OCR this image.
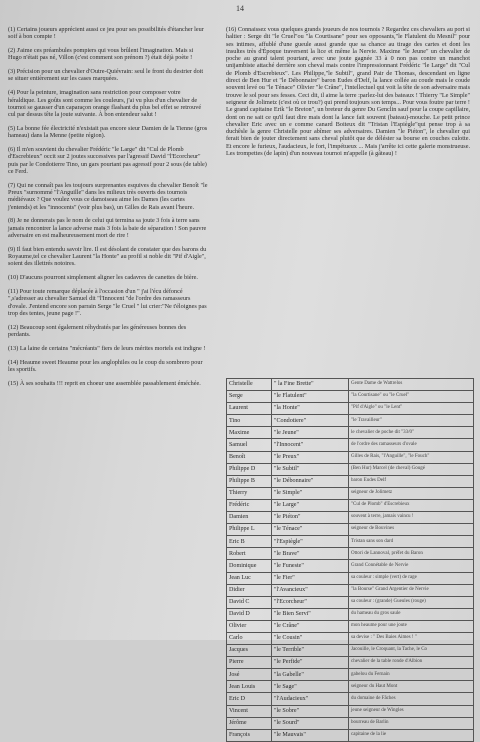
14

(1) Certains joueurs apprécient aussi ce jeu pour ses possibilités d'étancher leur soif à bon compte !

(2) J'aime ces préambules pompiers qui vous brûlent l'imagination. Mais si Hugo n'était pas né, Villon (c'est comment son prénom ?) était déjà poète !

(3) Précision pour un chevalier d'Outre-Quiévrain: seul le front du destrier doit se situer entièrement sur les cases marquées.

(4) Pour la peinture, imagination sans restriction pour composer votre héraldique. Les goûts sont comme les couleurs, j'ai vu plus d'un chevalier de tournoi se gausser d'un caparaçon orange flashant du plus bel effet se retrouvé cul par dessus tête la joute suivante. À bon entendeur salut !

(5) La bonne fée électricité n'existait pas encore sieur Damien de la Tienne (gros hameau) dans la Menne (petite région).

(6) Il m'en souvient du chevalier Frédéric "le Large" dit "Cul de Plomb d'Escrebieux" occit sur 2 joutes successives par l'agressif David "l'Ecorcheur" puis par le Condotierre Tino, un gars pourtant pas agressif pour 2 sous (de table) ce Ferd.

(7) Qui ne connaît pas les toujours surprenantes esquives du chevalier Benoît "le Preux "surnommé "l'Anguille" dans les milieux très ouverts des tournois médiévaux ? Que voulez vous ce damoiseau aime les Dames (les cartes j'entends) et les "innocents" (voir plus bas), un Gilles de Rais avant l'heure.

(8) Je ne donnerais pas le nom de celui qui termina sa joute 3 fois à terre sans jamais rencontrer la lance adverse mais 3 fois la baie de séparation ! Son pauvre adversaire en est malheureusement mort de rire !

(9) Il faut bien entendu savoir lire. Il est désolant de constater que des barons du Royaume,tel ce chevalier Laurent "la Honte" au profil si noble dit "Pif d'Aigle", soient des illettrés notoires.

(10) D'aucuns pourront simplement aligner les cadavres de canettes de bière.

(11) Pour toute remarque déplacée à l'occasion d'un " j'ai l'écu défoncé ",s'adresser au chevalier Samuel dit "l'Innocent "de l'ordre des ramasseurs d'ovale. J'entend encore son parrain Serge "le Cruel " lui crier:"Ne t'éloignes pas trop des tentes, jeune page !".

(12) Beaucoup sont également réhydratés par les généreuses bonnes des perdants.

(13) La laine de certains "mécréants" fiers de leurs mérites mortels est indigne !

(14) Heaume sweet Heaume pour les anglophiles ou le coup du sombrero pour les sportifs.

(15) À ses souhaits !!! reprit en choeur une assemblée passablement éméchée.

(16) Connaissez vous quelques grands joueurs de nos tournois ? Regardez ces chevaliers au port si haltier : Serge dit "le Cruel"ou "la Courtisane" pour ses opposants,"le Flatulent du Mesnil" pour ses intimes, affublé d'une gueule aussi grande que sa chance au tirage des cartes et dont les insultes très d'Époque traversent la lice et même la Nervie. Maxime "le Jeune" un chevalier de poche au grand talent pourtant, avec une joute gagnée 33 à 0 non pas contre un manchot unijambiste attaché derrière son cheval mais contre l'impressionnant Frédéric "le Large" dit "Cul de Plomb d'Escrebieux". Les Philippe,"le Subtil", grand Pair de Thomas, descendant en ligne direct de Ben Hur et "le Débonnaire" baron Eudes d'Delf, la lance collée au coude mais le coude souvent levé ou "le Ténace" Olivier "le Crâne", l'intellectuel qui voit la tête de son adversaire mais trouve le sol pour ses fesses. Ceci dit, il aime la terre :parlez-lui des bateaux ! Thierry "Le Simple" seigneur de Jolimetz (c'est où ce trou?) qui prend toujours son temps... Pour vous foutre par terre ! Le grand capitaine Erik "le Breton", un breteur du genre Du Genclin sauf pour la coupe capillaire, dont on ne sait ce qu'il faut dire mais dont la lance fait souvent (bateau)-mouche. Le petit prince chevalier Eric avec un e comme canard Boiteux dit "Tristan l'Espiègle"qui pense trop à sa duchêsle la genre Christelle pour abîmer ses adversaires. Damien "le Piéton", le chevalier qui ferait bien de jouter directement sans cheval plutôt que de déléster sa bourse en couches culotte. Et encore le furieux, l'audacieux, le fort, l'impétueux ... Mais j'arrête ici cette galerie monstrueuse. Les trompettes (de lapin) d'un nouveau tournoi m'appelle (à gâteau) !

Christelle	" la Fine Brette"	Gente Dame de Wattrelos
Serge	"le Flatulent"	"la Courtisane" ou "le Cruel"
Laurent	"la Honte"	"Pif d'Aigle" ou "le Lent"
Tino	"Condotiere"	"le Travailleur"
Maxime	"le Jeune"	le chevalier de poche dit "33/0"
Samuel	"l'Innocent"	de l'ordre des ramasseurs d'ovale
Benoît	"le Preux"	Gilles de Rais, "l'Anguille", "le Fouch"
Philippe D	"le Subtil"	(Ben Hur) Marcel (de cheval) Gougé
Philippe B	"le Débonnaire"	baron Eudes Delf
Thierry	"le Simple"	seigneur de Jolimetz
Frédéric	"le Large"	"Cul de Plomb" d'Escrebieux
Damien	"le Piéton"	souvent à terre, jamais vaincu !
Philippe L	"le Ténace"	seigneur de Bouvines
Eric B	"l'Espiègle"	Tristan sans son dard
Robert	"le Brave"	Ottori de Lannoval, préfet du Baron
Dominique	"le Funeste"	Grand Connétable de Nervie
Jean Luc	"le Fier"	sa couleur : simple (vert) de rage
Didier	"l'Avancieux"	"la Bourse" Grand Argentier de Nervie
David C	"l'Ecorcheur"	sa couleur : (grande) Gueules (rouge)
David D	"le Bien Servi"	du hameau du gros saule
Olivier	"le Crâne"	mon heaume pour une joute
Carlo	"le Cousin"	sa devise : " Des Baies Aimes ! "
Jacques	"le Terrible"	Jacouille, le Croquant, la Tache, le Co
Pierre	"le Perfide"	chevalier de la table ronde d'Albion
José	"la Gabelle"	gabelou du Fernain
Jean Louis	"le Sage"	seigneur du Haut Mont
Eric D	"l'Audacieux"	du domaine de Fâches
Vincent	"le Sobre"	jeune seigneur de Wingles
Jérôme	"le Sourd"	bourreau de Barlin
François	"le Mauvais"	capitaine de la lie
